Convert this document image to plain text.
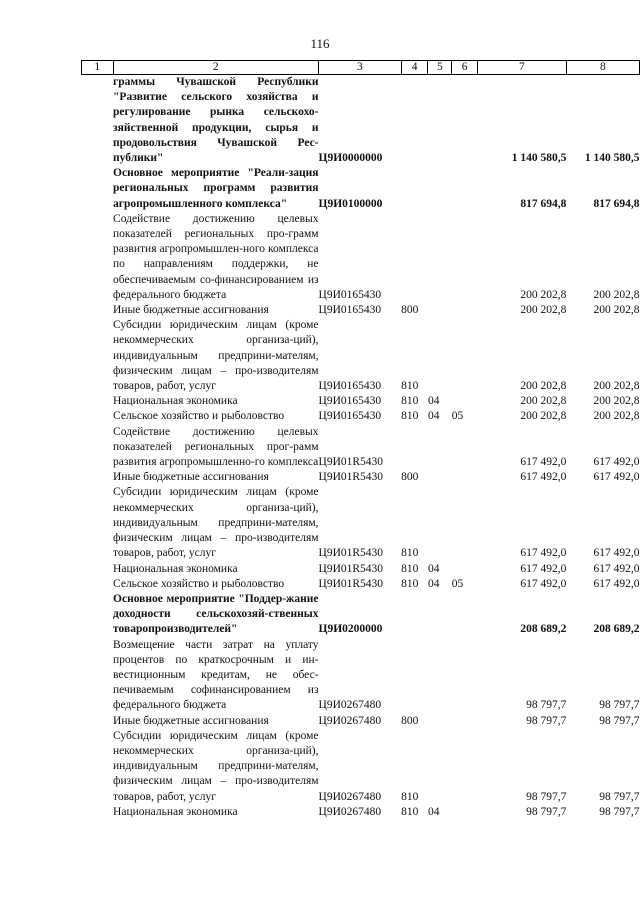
116
1	2	3	4	5	6	7	8

	граммы Чувашской Республики "Развитие сельского хозяйства и регулирование рынка сельскохо-зяйственной продукции, сырья и продовольствия Чувашской Рес-публики"	Ц9И0000000				1 140 580,5	1 140 580,5

	Основное мероприятие "Реали-зация региональных программ развития агропромышленного комплекса"	Ц9И0100000				817 694,8	817 694,8

	Содействие достижению целевых показателей региональных про-грамм развития агропромышлен-ного комплекса по направлениям поддержки, не обеспечиваемым со-финансированием из федерального бюджета	Ц9И0165430				200 202,8	200 202,8

	Иные бюджетные ассигнования	Ц9И0165430	800			200 202,8	200 202,8

	Субсидии юридическим лицам (кроме некоммерческих организа-ций), индивидуальным предприни-мателям, физическим лицам – про-изводителям товаров, работ, услуг	Ц9И0165430	810			200 202,8	200 202,8

	Национальная экономика	Ц9И0165430	810	04		200 202,8	200 202,8

	Сельское хозяйство и рыболовство	Ц9И0165430	810	04	05	200 202,8	200 202,8

	Содействие достижению целевых показателей региональных прог-рамм развития агропромышленно-го комплекса	Ц9И01R5430				617 492,0	617 492,0

	Иные бюджетные ассигнования	Ц9И01R5430	800			617 492,0	617 492,0

	Субсидии юридическим лицам (кроме некоммерческих организа-ций), индивидуальным предприни-мателям, физическим лицам – про-изводителям товаров, работ, услуг	Ц9И01R5430	810			617 492,0	617 492,0

	Национальная экономика	Ц9И01R5430	810	04		617 492,0	617 492,0

	Сельское хозяйство и рыболовство	Ц9И01R5430	810	04	05	617 492,0	617 492,0

	Основное мероприятие "Поддер-жание доходности сельскохозяй-ственных товаропроизводителей"	Ц9И0200000				208 689,2	208 689,2

	Возмещение части затрат на уплату процентов по краткосрочным и ин-вестиционным кредитам, не обес-печиваемым софинансированием из федерального бюджета	Ц9И0267480				98 797,7	98 797,7

	Иные бюджетные ассигнования	Ц9И0267480	800			98 797,7	98 797,7

	Субсидии юридическим лицам (кроме некоммерческих организа-ций), индивидуальным предприни-мателям, физическим лицам – про-изводителям товаров, работ, услуг	Ц9И0267480	810			98 797,7	98 797,7

	Национальная экономика	Ц9И0267480	810	04		98 797,7	98 797,7
